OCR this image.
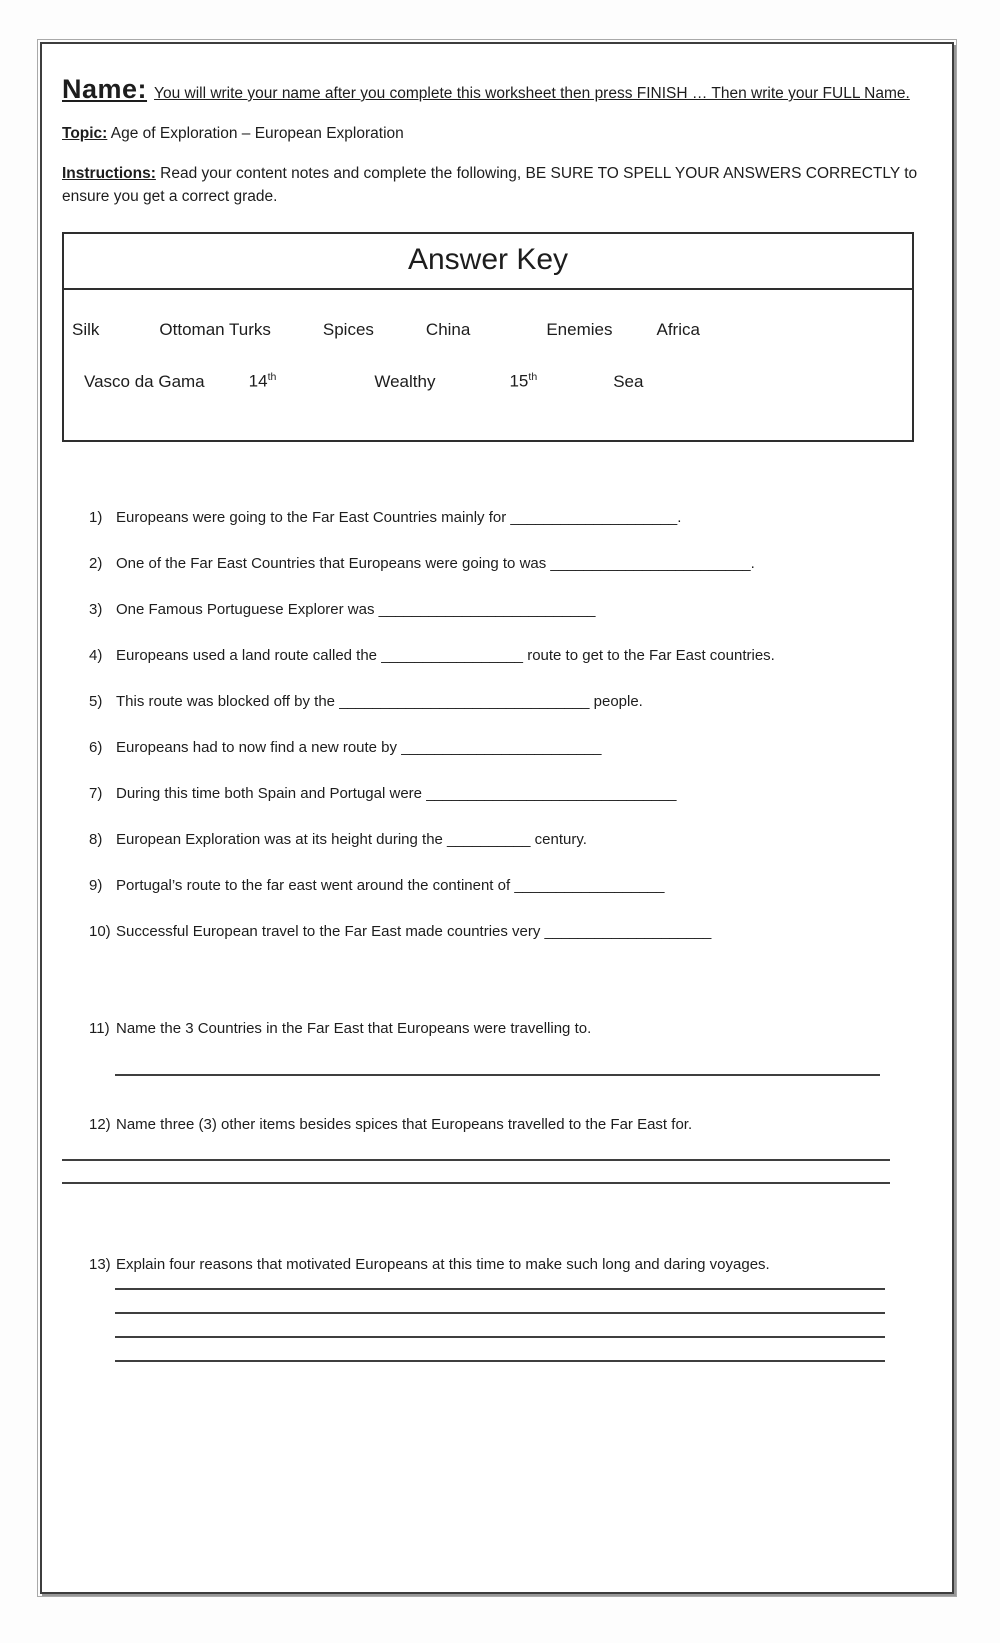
Name: You will write your name after you complete this worksheet then press FINISH … Then write your FULL Name.
Topic: Age of Exploration – European Exploration
Instructions: Read your content notes and complete the following, BE SURE TO SPELL YOUR ANSWERS CORRECTLY to ensure you get a correct grade.
Answer Key
Silk	Ottoman Turks	Spices	China	Enemies	Africa
Vasco da Gama	14th	Wealthy	15th	Sea
1) Europeans were going to the Far East Countries mainly for ____________________.
2) One of the Far East Countries that Europeans were going to was ________________________.
3) One Famous Portuguese Explorer was __________________________
4) Europeans used a land route called the _________________ route to get to the Far East countries.
5) This route was blocked off by the ______________________________ people.
6) Europeans had to now find a new route by ________________________
7) During this time both Spain and Portugal were ______________________________
8) European Exploration was at its height during the __________ century.
9) Portugal’s route to the far east went around the continent of __________________
10) Successful European travel to the Far East made countries very ____________________
11) Name the 3 Countries in the Far East that Europeans were travelling to.
12) Name three (3) other items besides spices that Europeans travelled to the Far East for.
13) Explain four reasons that motivated Europeans at this time to make such long and daring voyages.
